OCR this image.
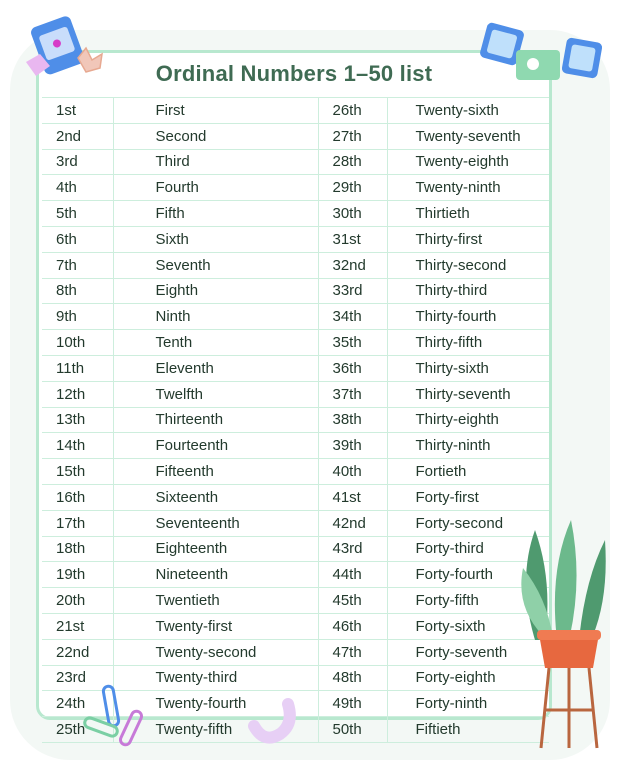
Ordinal Numbers 1–50 list
1st	First	26th	Twenty-sixth
2nd	Second	27th	Twenty-seventh
3rd	Third	28th	Twenty-eighth
4th	Fourth	29th	Twenty-ninth
5th	Fifth	30th	Thirtieth
6th	Sixth	31st	Thirty-first
7th	Seventh	32nd	Thirty-second
8th	Eighth	33rd	Thirty-third
9th	Ninth	34th	Thirty-fourth
10th	Tenth	35th	Thirty-fifth
11th	Eleventh	36th	Thirty-sixth
12th	Twelfth	37th	Thirty-seventh
13th	Thirteenth	38th	Thirty-eighth
14th	Fourteenth	39th	Thirty-ninth
15th	Fifteenth	40th	Fortieth
16th	Sixteenth	41st	Forty-first
17th	Seventeenth	42nd	Forty-second
18th	Eighteenth	43rd	Forty-third
19th	Nineteenth	44th	Forty-fourth
20th	Twentieth	45th	Forty-fifth
21st	Twenty-first	46th	Forty-sixth
22nd	Twenty-second	47th	Forty-seventh
23rd	Twenty-third	48th	Forty-eighth
24th	Twenty-fourth	49th	Forty-ninth
25th	Twenty-fifth	50th	Fiftieth
